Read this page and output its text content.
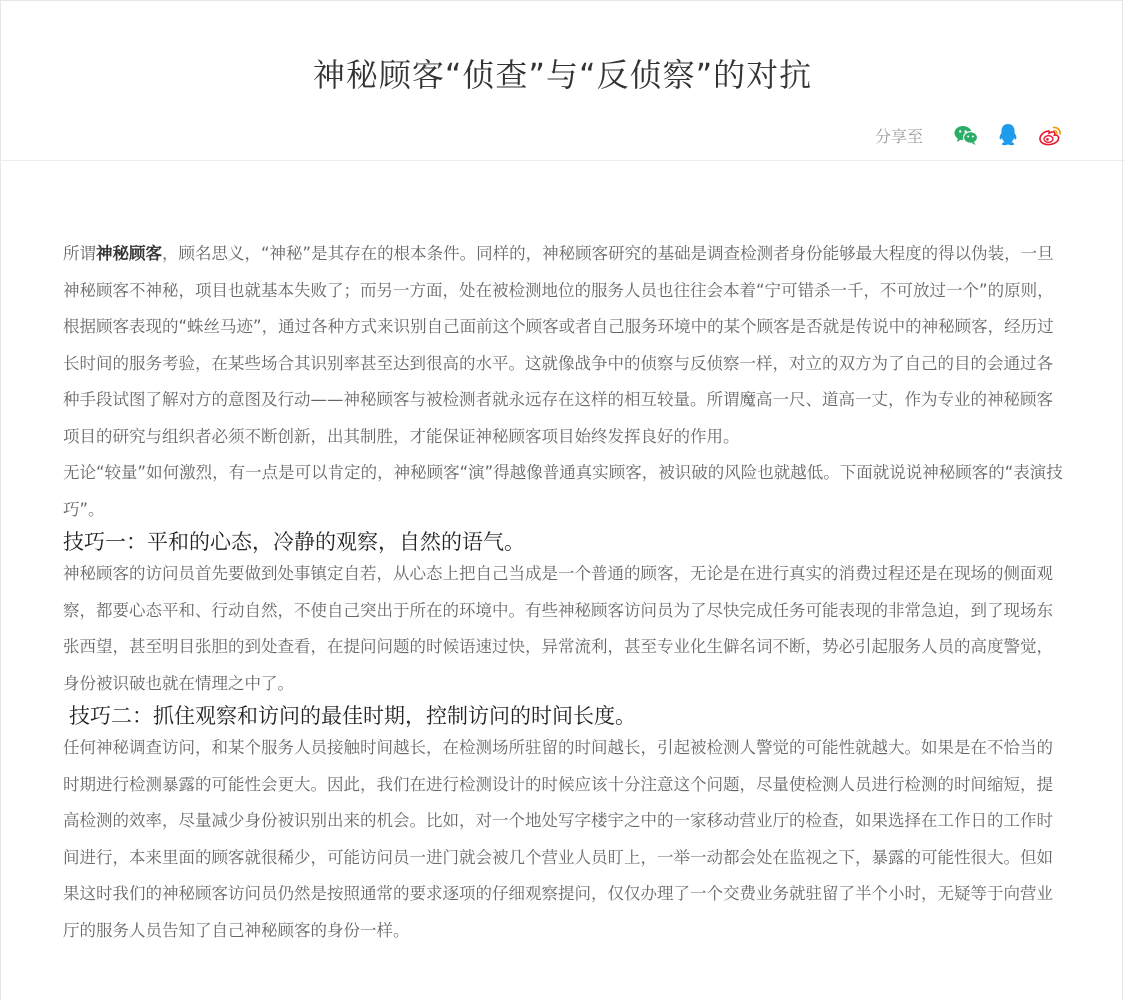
神秘顾客“侦查”与“反侦察”的对抗
分享至

所谓神秘顾客，顾名思义，“神秘”是其存在的根本条件。同样的，神秘顾客研究的基础是调查检测者身份能够最大程度的得以伪装，一旦神秘顾客不神秘，项目也就基本失败了；而另一方面，处在被检测地位的服务人员也往往会本着“宁可错杀一千，不可放过一个”的原则，根据顾客表现的“蛛丝马迹”，通过各种方式来识别自己面前这个顾客或者自己服务环境中的某个顾客是否就是传说中的神秘顾客，经历过长时间的服务考验，在某些场合其识别率甚至达到很高的水平。这就像战争中的侦察与反侦察一样，对立的双方为了自己的目的会通过各种手段试图了解对方的意图及行动——神秘顾客与被检测者就永远存在这样的相互较量。所谓魔高一尺、道高一丈，作为专业的神秘顾客项目的研究与组织者必须不断创新，出其制胜，才能保证神秘顾客项目始终发挥良好的作用。

无论“较量”如何激烈，有一点是可以肯定的，神秘顾客“演”得越像普通真实顾客，被识破的风险也就越低。下面就说说神秘顾客的“表演技巧”。

技巧一：平和的心态，冷静的观察，自然的语气。

神秘顾客的访问员首先要做到处事镇定自若，从心态上把自己当成是一个普通的顾客，无论是在进行真实的消费过程还是在现场的侧面观察，都要心态平和、行动自然，不使自己突出于所在的环境中。有些神秘顾客访问员为了尽快完成任务可能表现的非常急迫，到了现场东张西望，甚至明目张胆的到处查看，在提问问题的时候语速过快，异常流利，甚至专业化生僻名词不断，势必引起服务人员的高度警觉，身份被识破也就在情理之中了。

技巧二：抓住观察和访问的最佳时期，控制访问的时间长度。

任何神秘调查访问，和某个服务人员接触时间越长，在检测场所驻留的时间越长，引起被检测人警觉的可能性就越大。如果是在不恰当的时期进行检测暴露的可能性会更大。因此，我们在进行检测设计的时候应该十分注意这个问题，尽量使检测人员进行检测的时间缩短，提高检测的效率，尽量减少身份被识别出来的机会。比如，对一个地处写字楼宇之中的一家移动营业厅的检查，如果选择在工作日的工作时间进行，本来里面的顾客就很稀少，可能访问员一进门就会被几个营业人员盯上，一举一动都会处在监视之下，暴露的可能性很大。但如果这时我们的神秘顾客访问员仍然是按照通常的要求逐项的仔细观察提问，仅仅办理了一个交费业务就驻留了半个小时，无疑等于向营业厅的服务人员告知了自己神秘顾客的身份一样。
